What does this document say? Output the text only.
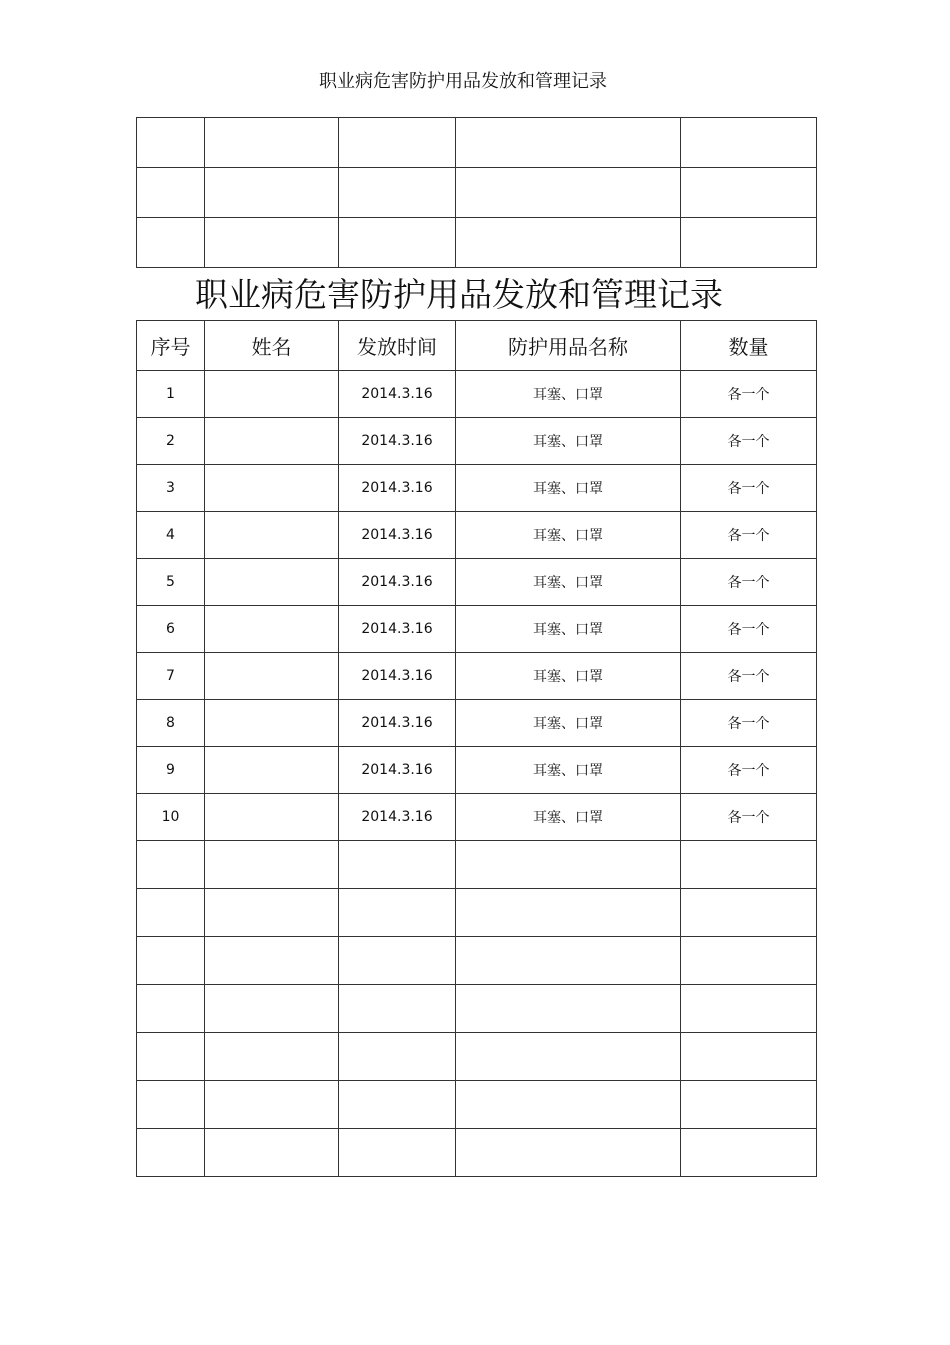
职业病危害防护用品发放和管理记录

职业病危害防护用品发放和管理记录
序号	姓名	发放时间	防护用品名称	数量
1		2014.3.16	耳塞、口罩	各一个
2		2014.3.16	耳塞、口罩	各一个
3		2014.3.16	耳塞、口罩	各一个
4		2014.3.16	耳塞、口罩	各一个
5		2014.3.16	耳塞、口罩	各一个
6		2014.3.16	耳塞、口罩	各一个
7		2014.3.16	耳塞、口罩	各一个
8		2014.3.16	耳塞、口罩	各一个
9		2014.3.16	耳塞、口罩	各一个
10		2014.3.16	耳塞、口罩	各一个
